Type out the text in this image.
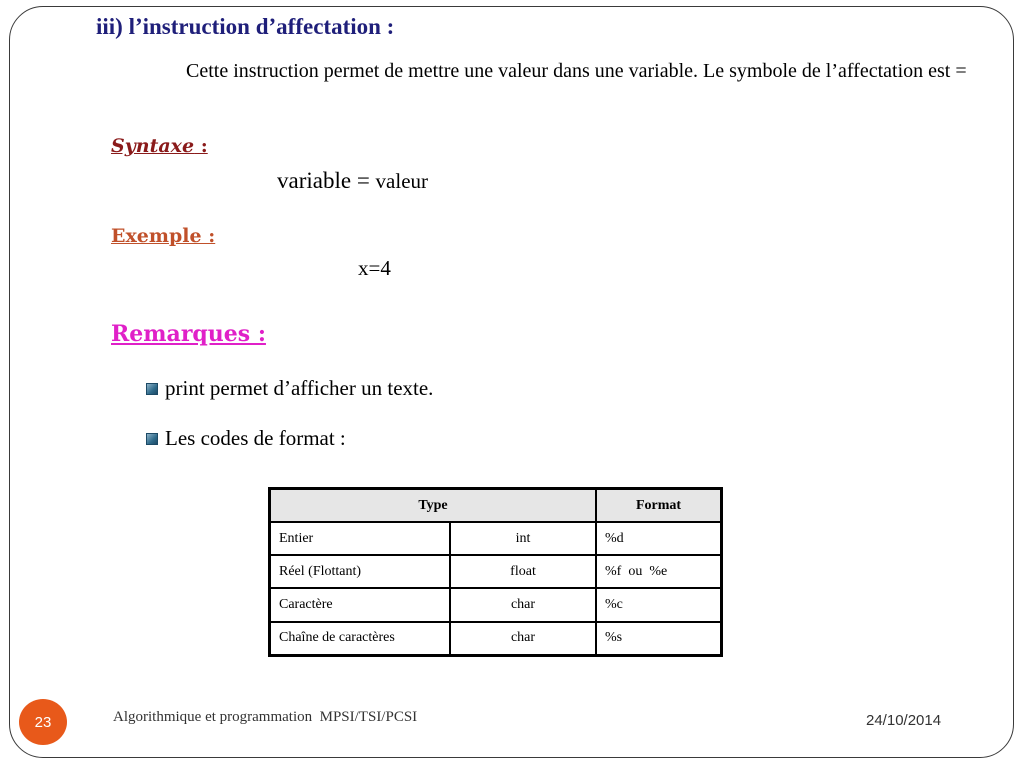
iii) l’instruction d’affectation :
Cette instruction permet de mettre une valeur dans une variable. Le symbole de l’affectation est =
Syntaxe :
variable = valeur
Exemple :
x=4
Remarques :
print permet d’afficher un texte.
Les codes de format :
Type		Format
Entier	int	%d
Réel (Flottant)	float	%f  ou  %e
Caractère	char	%c
Chaîne de caractères	char	%s
23	Algorithmique et programmation  MPSI/TSI/PCSI	24/10/2014
